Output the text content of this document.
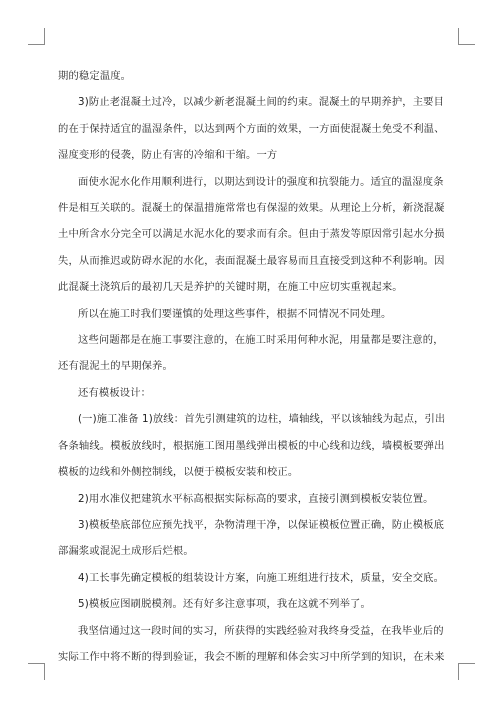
期的稳定温度。

3)防止老混凝土过冷，以减少新老混凝土间的约束。混凝土的早期养护，主要目

的在于保持适宜的温湿条件，以达到两个方面的效果，一方面使混凝土免受不利温、

湿度变形的侵袭，防止有害的冷缩和干缩。一方

面使水泥水化作用顺利进行，以期达到设计的强度和抗裂能力。适宜的温湿度条

件是相互关联的。混凝土的保温措施常常也有保湿的效果。从理论上分析，新浇混凝

土中所含水分完全可以满足水泥水化的要求而有余。但由于蒸发等原因常引起水分损

失，从而推迟或防碍水泥的水化，表面混凝土最容易而且直接受到这种不利影响。因

此混凝土浇筑后的最初几天是养护的关键时期，在施工中应切实重视起来。

所以在施工时我们要谨慎的处理这些事件，根据不同情况不同处理。

这些问题都是在施工事要注意的，在施工时采用何种水泥，用量都是要注意的，

还有混泥土的早期保养。

还有模板设计：

(一)施工准备 1)放线：首先引测建筑的边柱，墙轴线，平以该轴线为起点，引出

各条轴线。模板放线时，根据施工图用墨线弹出模板的中心线和边线，墙模板要弹出

模板的边线和外侧控制线，以便于模板安装和校正。

2)用水准仪把建筑水平标高根据实际标高的要求，直接引测到模板安装位置。

3)模板垫底部位应预先找平，杂物清理干净，以保证模板位置正确，防止模板底

部漏浆或混泥土成形后烂根。

4)工长事先确定模板的组装设计方案，向施工班组进行技术，质量，安全交底。

5)模板应图刷脱模剂。还有好多注意事项，我在这就不列举了。

我坚信通过这一段时间的实习，所获得的实践经验对我终身受益，在我毕业后的

实际工作中将不断的得到验证，我会不断的理解和体会实习中所学到的知识，在未来
